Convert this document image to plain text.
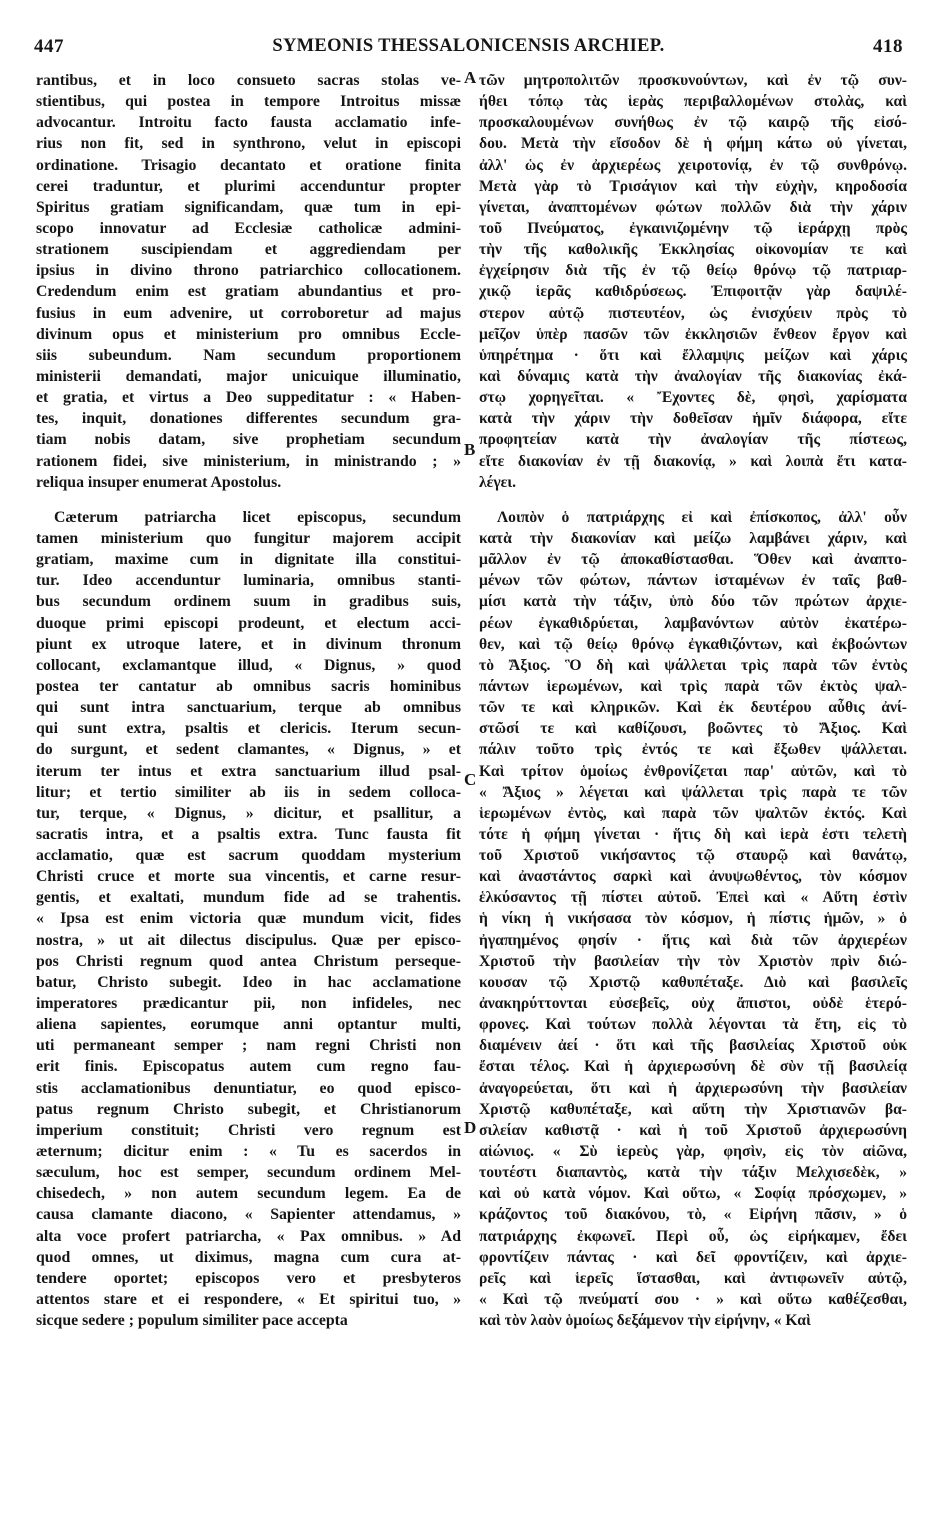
447	SYMEONIS THESSALONICENSIS ARCHIEP.	418
rantibus, et in loco consueto sacras stolas ve-
stientibus, qui postea in tempore Introitus missæ
advocantur. Introitu facto fausta acclamatio infe-
rius non fit, sed in synthrono, velut in episcopi
ordinatione. Trisagio decantato et oratione finita
cerei traduntur, et plurimi accenduntur propter
Spiritus gratiam significandam, quæ tum in epi-
scopo innovatur ad Ecclesiæ catholicæ admini-
strationem suscipiendam et aggrediendam per
ipsius in divino throno patriarchico collocationem.
Credendum enim est gratiam abundantius et pro-
fusius in eum advenire, ut corroboretur ad majus
divinum opus et ministerium pro omnibus Eccle-
siis subeundum. Nam secundum proportionem
ministerii demandati, major unicuique illuminatio,
et gratia, et virtus a Deo suppeditatur : « Haben-
tes, inquit, donationes differentes secundum gra-
tiam nobis datam, sive prophetiam secundum
rationem fidei, sive ministerium, in ministrando ; »
reliqua insuper enumerat Apostolus.
Cæterum patriarcha licet episcopus, secundum
tamen ministerium quo fungitur majorem accipit
gratiam, maxime cum in dignitate illa constitui-
tur. Ideo accenduntur luminaria, omnibus stanti-
bus secundum ordinem suum in gradibus suis,
duoque primi episcopi prodeunt, et electum acci-
piunt ex utroque latere, et in divinum thronum
collocant, exclamantque illud, « Dignus, » quod
postea ter cantatur ab omnibus sacris hominibus
qui sunt intra sanctuarium, terque ab omnibus
qui sunt extra, psaltis et clericis. Iterum secun-
do surgunt, et sedent clamantes, « Dignus, » et
iterum ter intus et extra sanctuarium illud psal-
litur; et tertio similiter ab iis in sedem colloca-
tur, terque, « Dignus, » dicitur, et psallitur, a
sacratis intra, et a psaltis extra. Tunc fausta fit
acclamatio, quæ est sacrum quoddam mysterium
Christi cruce et morte sua vincentis, et carne resur-
gentis, et exaltati, mundum fide ad se trahentis.
« Ipsa est enim victoria quæ mundum vicit, fides
nostra, » ut ait dilectus discipulus. Quæ per episco-
pos Christi regnum quod antea Christum perseque-
batur, Christo subegit. Ideo in hac acclamatione
imperatores prædicantur pii, non infideles, nec
aliena sapientes, eorumque anni optantur multi,
uti permaneant semper ; nam regni Christi non
erit finis. Episcopatus autem cum regno fau-
stis acclamationibus denuntiatur, eo quod episco-
patus regnum Christo subegit, et Christianorum
imperium constituit; Christi vero regnum est
æternum; dicitur enim : « Tu es sacerdos in
sæculum, hoc est semper, secundum ordinem Mel-
chisedech, » non autem secundum legem. Ea de
causa clamante diacono, « Sapienter attendamus, »
alta voce profert patriarcha, « Pax omnibus. » Ad
quod omnes, ut diximus, magna cum cura at-
tendere oportet; episcopos vero et presbyteros
attentos stare et ei respondere, « Et spiritui tuo, »
sicque sedere ; populum similiter pace accepta
τῶν μητροπολιτῶν προσκυνούντων, καὶ ἐν τῷ συν-
ήθει τόπῳ τὰς ἱερὰς περιβαλλομένων στολὰς, καὶ
προσκαλουμένων συνήθως ἐν τῷ καιρῷ τῆς εἰσό-
δου. Μετὰ τὴν εἴσοδον δὲ ἡ φήμη κάτω οὐ γίνεται,
ἀλλ' ὡς ἐν ἀρχιερέως χειροτονίᾳ, ἐν τῷ συνθρόνῳ.
Μετὰ γὰρ τὸ Τρισάγιον καὶ τὴν εὐχὴν, κηροδοσία
γίνεται, ἀναπτομένων φώτων πολλῶν διὰ τὴν χάριν
τοῦ Πνεύματος, ἐγκαινιζομένην τῷ ἱεράρχῃ πρὸς
τὴν τῆς καθολικῆς Ἐκκλησίας οἰκονομίαν τε καὶ
ἐγχείρησιν διὰ τῆς ἐν τῷ θείῳ θρόνῳ τῷ πατριαρ-
χικῷ ἱερᾶς καθιδρύσεως. Ἐπιφοιτᾷν γὰρ δαψιλέ-
στερον αὐτῷ πιστευτέον, ὡς ἐνισχύειν πρὸς τὸ
μεῖζον ὑπὲρ πασῶν τῶν ἐκκλησιῶν ἔνθεον ἔργον καὶ
ὑπηρέτημα · ὅτι καὶ ἔλλαμψις μείζων καὶ χάρις
καὶ δύναμις κατὰ τὴν ἀναλογίαν τῆς διακονίας ἐκά-
στῳ χορηγεῖται. « Ἔχοντες δὲ, φησὶ, χαρίσματα
κατὰ τὴν χάριν τὴν δοθεῖσαν ἡμῖν διάφορα, εἴτε
προφητείαν κατὰ τὴν ἀναλογίαν τῆς πίστεως,
εἴτε διακονίαν ἐν τῇ διακονίᾳ, » καὶ λοιπὰ ἔτι κατα-
λέγει.
Λοιπὸν ὁ πατριάρχης εἰ καὶ ἐπίσκοπος, ἀλλ' οὖν
κατὰ τὴν διακονίαν καὶ μείζω λαμβάνει χάριν, καὶ
μᾶλλον ἐν τῷ ἀποκαθίστασθαι. Ὅθεν καὶ ἀναπτο-
μένων τῶν φώτων, πάντων ἱσταμένων ἐν ταῖς βαθ-
μίσι κατὰ τὴν τάξιν, ὑπὸ δύο τῶν πρώτων ἀρχιε-
ρέων ἐγκαθιδρύεται, λαμβανόντων αὐτὸν ἑκατέρω-
θεν, καὶ τῷ θείῳ θρόνῳ ἐγκαθιζόντων, καὶ ἐκβοώντων
τὸ Ἄξιος. Ὃ δὴ καὶ ψάλλεται τρὶς παρὰ τῶν ἐντὸς
πάντων ἱερωμένων, καὶ τρὶς παρὰ τῶν ἐκτὸς ψαλ-
τῶν τε καὶ κληρικῶν. Καὶ ἐκ δευτέρου αὖθις ἀνί-
στῶσί τε καὶ καθίζουσι, βοῶντες τὸ Ἄξιος. Καὶ
πάλιν τοῦτο τρὶς ἐντός τε καὶ ἔξωθεν ψάλλεται.
Καὶ τρίτον ὁμοίως ἐνθρονίζεται παρ' αὐτῶν, καὶ τὸ
« Ἄξιος » λέγεται καὶ ψάλλεται τρὶς παρὰ τε τῶν
ἱερωμένων ἐντὸς, καὶ παρὰ τῶν ψαλτῶν ἐκτός. Καὶ
τότε ἡ φήμη γίνεται · ἥτις δὴ καὶ ἱερὰ ἐστι τελετὴ
τοῦ Χριστοῦ νικήσαντος τῷ σταυρῷ καὶ θανάτῳ,
καὶ ἀναστάντος σαρκὶ καὶ ἀνυψωθέντος, τὸν κόσμον
ἑλκύσαντος τῇ πίστει αὐτοῦ. Ἐπεὶ καὶ « Αὕτη ἐστὶν
ἡ νίκη ἡ νικήσασα τὸν κόσμον, ἡ πίστις ἡμῶν, » ὁ
ἠγαπημένος φησίν · ἥτις καὶ διὰ τῶν ἀρχιερέων
Χριστοῦ τὴν βασιλείαν τὴν τὸν Χριστὸν πρὶν διώ-
κουσαν τῷ Χριστῷ καθυπέταξε. Διὸ καὶ βασιλεῖς
ἀνακηρύττονται εὐσεβεῖς, οὐχ ἄπιστοι, οὐδὲ ἑτερό-
φρονες. Καὶ τούτων πολλὰ λέγονται τὰ ἔτη, εἰς τὸ
διαμένειν ἀεί · ὅτι καὶ τῆς βασιλείας Χριστοῦ οὐκ
ἔσται τέλος. Καὶ ἡ ἀρχιερωσύνη δὲ σὺν τῇ βασιλείᾳ
ἀναγορεύεται, ὅτι καὶ ἡ ἀρχιερωσύνη τὴν βασιλείαν
Χριστῷ καθυπέταξε, καὶ αὕτη τὴν Χριστιανῶν βα-
σιλείαν καθιστᾷ · καὶ ἡ τοῦ Χριστοῦ ἀρχιερωσύνη
αἰώνιος. « Σὺ ἱερεὺς γὰρ, φησὶν, εἰς τὸν αἰῶνα,
τουτέστι διαπαντὸς, κατὰ τὴν τάξιν Μελχισεδὲκ, »
καὶ οὐ κατὰ νόμον. Καὶ οὕτω, « Σοφίᾳ πρόσχωμεν, »
κράζοντος τοῦ διακόνου, τὸ, « Εἰρήνη πᾶσιν, » ὁ
πατριάρχης ἐκφωνεῖ. Περὶ οὗ, ὡς εἰρήκαμεν, ἔδει
φροντίζειν πάντας · καὶ δεῖ φροντίζειν, καὶ ἀρχιε-
ρεῖς καὶ ἱερεῖς ἵστασθαι, καὶ ἀντιφωνεῖν αὐτῷ,
« Καὶ τῷ πνεύματί σου · » καὶ οὕτω καθέζεσθαι,
καὶ τὸν λαὸν ὁμοίως δεξάμενον τὴν εἰρήνην, « Καὶ
A
B
C
D
